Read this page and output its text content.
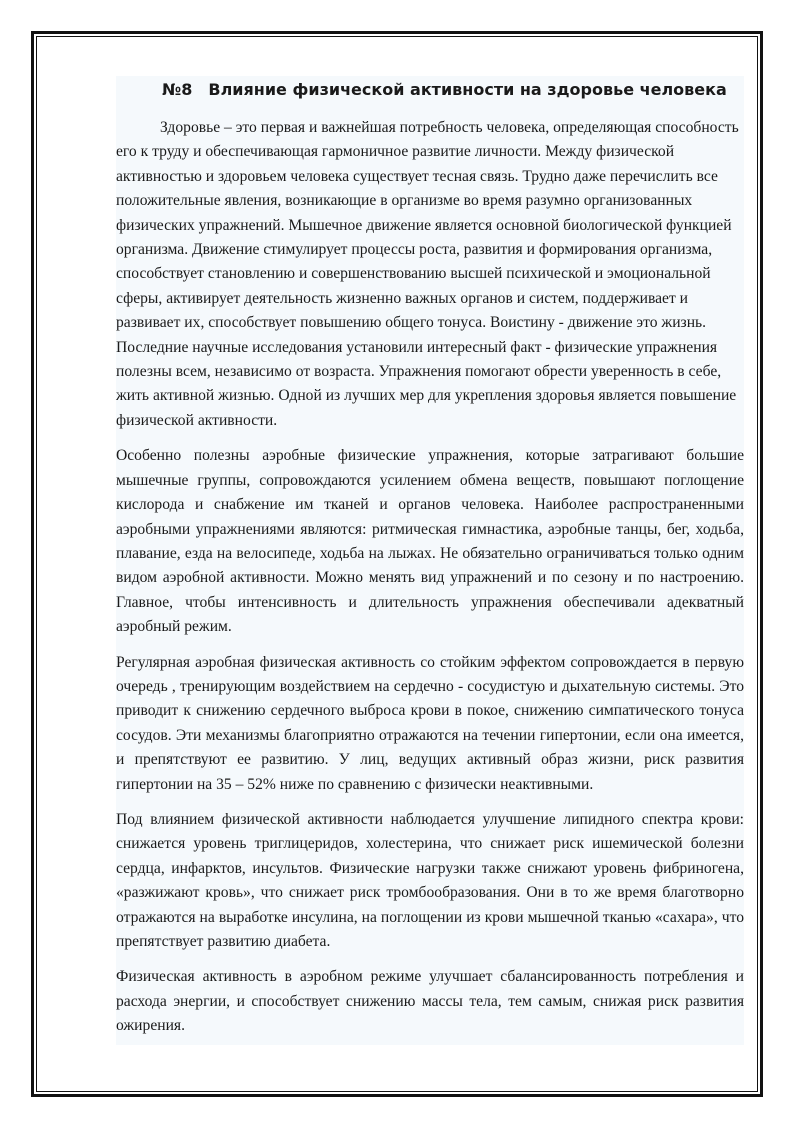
№8 Влияние физической активности на здоровье человека

Здоровье – это первая и важнейшая потребность человека, определяющая способность его к труду и обеспечивающая гармоничное развитие личности. Между физической активностью и здоровьем человека существует тесная связь. Трудно даже перечислить все положительные явления, возникающие в организме во время разумно организованных физических упражнений. Мышечное движение является основной биологической функцией организма. Движение стимулирует процессы роста, развития и формирования организма, способствует становлению и совершенствованию высшей психической и эмоциональной сферы, активирует деятельность жизненно важных органов и систем, поддерживает и развивает их, способствует повышению общего тонуса. Воистину - движение это жизнь. Последние научные исследования установили интересный факт - физические упражнения полезны всем, независимо от возраста. Упражнения помогают обрести уверенность в себе, жить активной жизнью. Одной из лучших мер для укрепления здоровья является повышение физической активности.

Особенно полезны аэробные физические упражнения, которые затрагивают большие мышечные группы, сопровождаются усилением обмена веществ, повышают поглощение кислорода и снабжение им тканей и органов человека. Наиболее распространенными аэробными упражнениями являются: ритмическая гимнастика, аэробные танцы, бег, ходьба, плавание, езда на велосипеде, ходьба на лыжах. Не обязательно ограничиваться только одним видом аэробной активности. Можно менять вид упражнений и по сезону и по настроению. Главное, чтобы интенсивность и длительность упражнения обеспечивали адекватный аэробный режим.

Регулярная аэробная физическая активность со стойким эффектом сопровождается в первую очередь , тренирующим воздействием на сердечно - сосудистую и дыхательную системы. Это приводит к снижению сердечного выброса крови в покое, снижению симпатического тонуса сосудов. Эти механизмы благоприятно отражаются на течении гипертонии, если она имеется, и препятствуют ее развитию. У лиц, ведущих активный образ жизни, риск развития гипертонии на 35 – 52% ниже по сравнению с физически неактивными.

Под влиянием физической активности наблюдается улучшение липидного спектра крови: снижается уровень триглицеридов, холестерина, что снижает риск ишемической болезни сердца, инфарктов, инсультов. Физические нагрузки также снижают уровень фибриногена, «разжижают кровь», что снижает риск тромбообразования. Они в то же время благотворно отражаются на выработке инсулина, на поглощении из крови мышечной тканью «сахара», что препятствует развитию диабета.

Физическая активность в аэробном режиме улучшает сбалансированность потребления и расхода энергии, и способствует снижению массы тела, тем самым, снижая риск развития ожирения.
